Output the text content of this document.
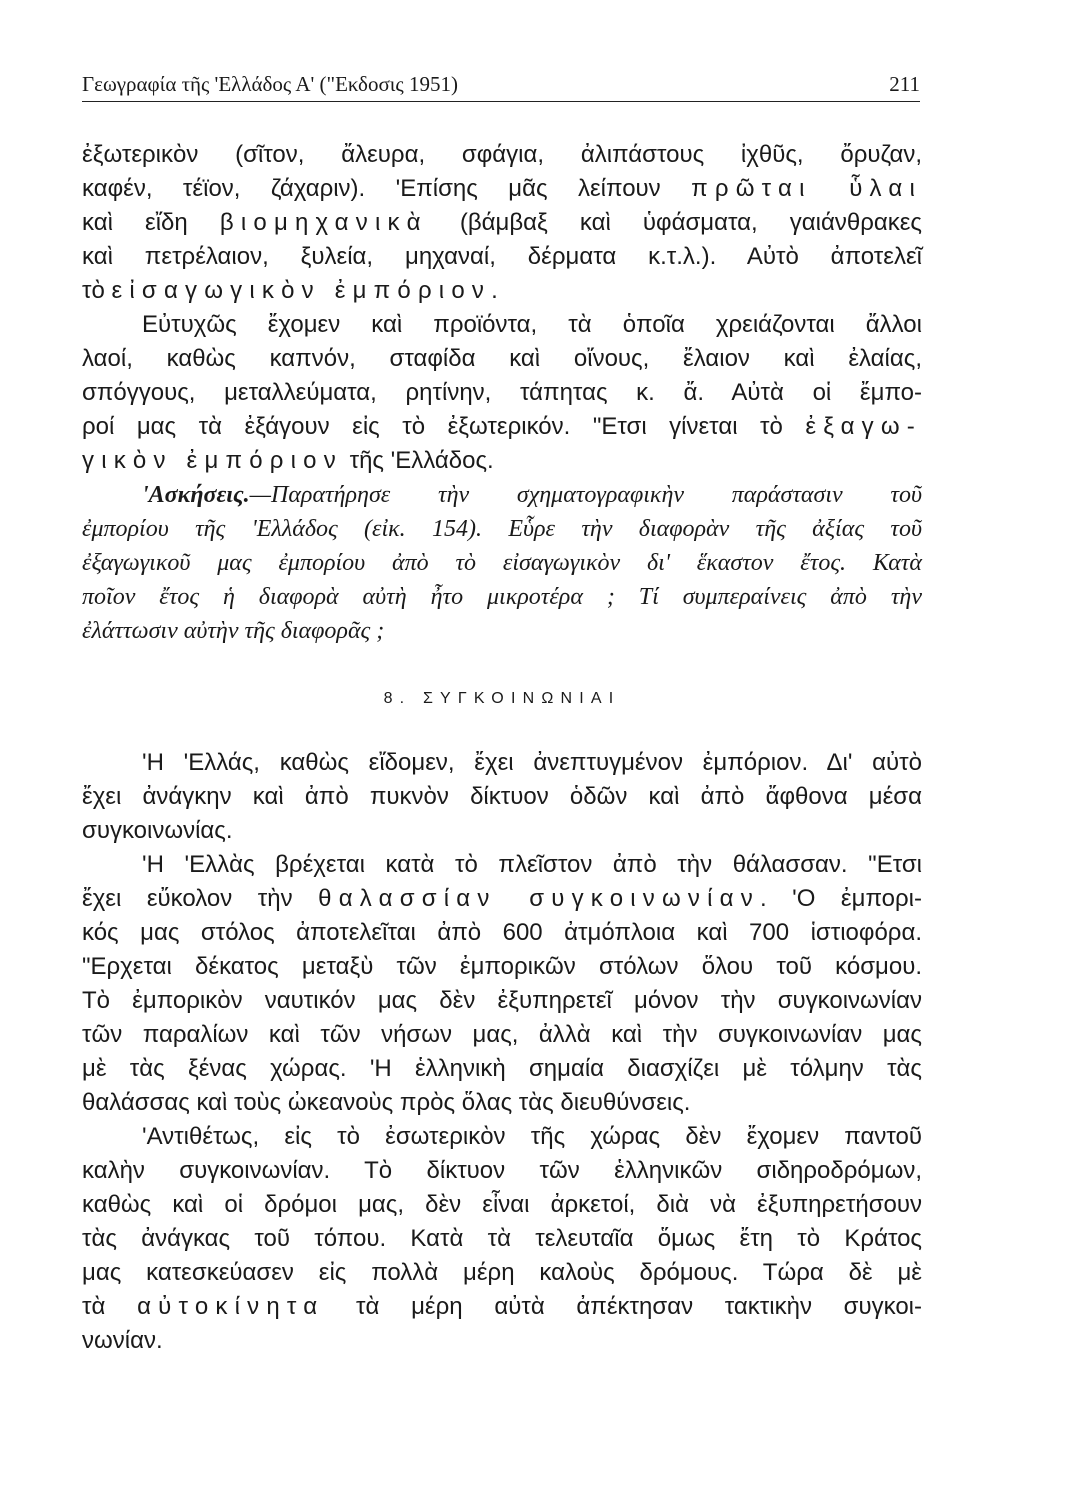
Γεωγραφία τῆς 'Ελλάδος Α' ("Εκδοσις 1951)	211

ἐξωτερικὸν (σῖτον, ἄλευρα, σφάγια, ἀλιπάστους ἰχθῦς, ὄρυζαν,

καφέν, τέϊον, ζάχαριν). 'Επίσης μᾶς λείπουν πρῶται ὗλαι

καὶ εἴδη βιομηχανικὰ (βάμβαξ καὶ ὑφάσματα, γαιάνθρακες

καὶ πετρέλαιον, ξυλεία, μηχαναί, δέρματα κ.τ.λ.). Αὐτὸ ἀποτελεῖ

τὸ εἰσαγωγικὸν ἐμπόριον.

Εὐτυχῶς ἔχομεν καὶ προϊόντα, τὰ ὁποῖα χρειάζονται ἄλλοι

λαοί, καθὼς καπνόν, σταφίδα καὶ οἴνους, ἔλαιον καὶ ἐλαίας,

σπόγγους, μεταλλεύματα, ρητίνην, τάπητας κ. ἄ. Αὐτὰ οἱ ἔμπο-

ροί μας τὰ ἐξάγουν εἰς τὸ ἐξωτερικόν. "Ετσι γίνεται τὸ ἐξαγω-

γικὸν ἐμπόριον τῆς 'Ελλάδος.

'Ασκήσεις.—Παρατήρησε τὴν σχηματογραφικὴν παράστασιν τοῦ

ἐμπορίου τῆς 'Ελλάδος (εἰκ. 154). Εὗρε τὴν διαφορὰν τῆς ἀξίας τοῦ

ἐξαγωγικοῦ μας ἐμπορίου ἀπὸ τὸ εἰσαγωγικὸν δι' ἕκαστον ἔτος. Κατὰ

ποῖον ἔτος ἡ διαφορὰ αὐτὴ ἦτο μικροτέρα ; Τί συμπεραίνεις ἀπὸ τὴν

ἐλάττωσιν αὐτὴν τῆς διαφορᾶς ;

8. ΣΥΓΚΟΙΝΩΝΙΑΙ

'Η 'Ελλάς, καθὼς εἴδομεν, ἔχει ἀνεπτυγμένον ἐμπόριον. Δι' αὐτὸ

ἔχει ἀνάγκην καὶ ἀπὸ πυκνὸν δίκτυον ὁδῶν καὶ ἀπὸ ἄφθονα μέσα

συγκοινωνίας.

'Η 'Ελλὰς βρέχεται κατὰ τὸ πλεῖστον ἀπὸ τὴν θάλασσαν. "Ετσι

ἔχει εὔκολον τὴν θαλασσίαν συγκοινωνίαν. 'Ο ἐμπορι-

κός μας στόλος ἀποτελεῖται ἀπὸ 600 ἀτμόπλοια καὶ 700 ἱστιοφόρα.

"Ερχεται δέκατος μεταξὺ τῶν ἐμπορικῶν στόλων ὅλου τοῦ κόσμου.

Τὸ ἐμπορικὸν ναυτικόν μας δὲν ἐξυπηρετεῖ μόνον τὴν συγκοινωνίαν

τῶν παραλίων καὶ τῶν νήσων μας, ἀλλὰ καὶ τὴν συγκοινωνίαν μας

μὲ τὰς ξένας χώρας. 'Η ἑλληνικὴ σημαία διασχίζει μὲ τόλμην τὰς

θαλάσσας καὶ τοὺς ὠκεανοὺς πρὸς ὅλας τὰς διευθύνσεις.

'Αντιθέτως, εἰς τὸ ἐσωτερικὸν τῆς χώρας δὲν ἔχομεν παντοῦ

καλὴν συγκοινωνίαν. Τὸ δίκτυον τῶν ἑλληνικῶν σιδηροδρόμων,

καθὼς καὶ οἱ δρόμοι μας, δὲν εἶναι ἀρκετοί, διὰ νὰ ἐξυπηρετήσουν

τὰς ἀνάγκας τοῦ τόπου. Κατὰ τὰ τελευταῖα ὅμως ἔτη τὸ Κράτος

μας κατεσκεύασεν εἰς πολλὰ μέρη καλοὺς δρόμους. Τώρα δὲ μὲ

τὰ αὐτοκίνητα τὰ μέρη αὐτὰ ἀπέκτησαν τακτικὴν συγκοι-

νωνίαν.
